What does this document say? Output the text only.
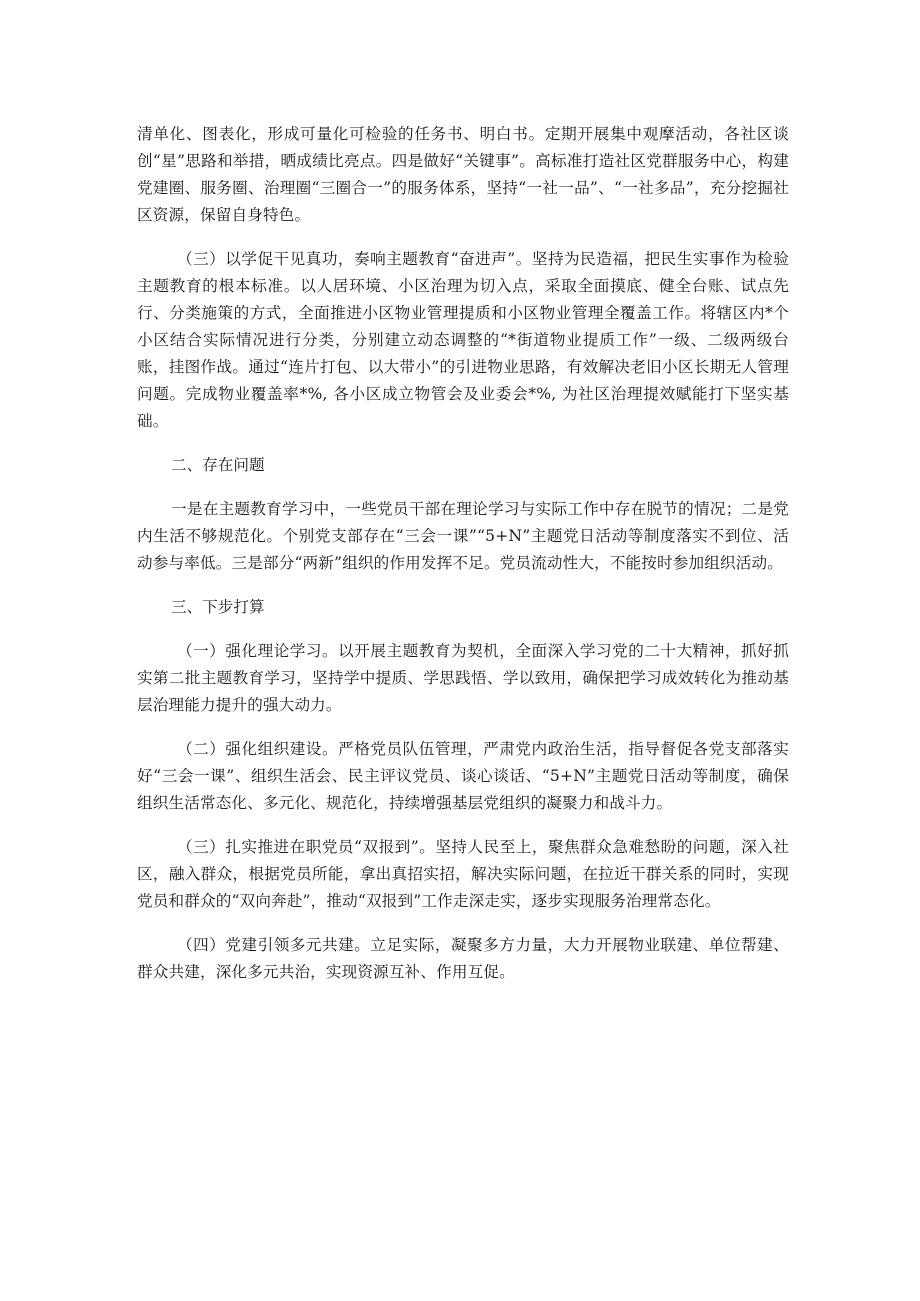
清单化、图表化，形成可量化可检验的任务书、明白书。定期开展集中观摩活动，各社区谈创“星”思路和举措，晒成绩比亮点。四是做好“关键事”。高标准打造社区党群服务中心，构建党建圈、服务圈、治理圈“三圈合一”的服务体系，坚持“一社一品”、“一社多品”，充分挖掘社区资源，保留自身特色。

（三）以学促干见真功，奏响主题教育“奋进声”。坚持为民造福，把民生实事作为检验主题教育的根本标准。以人居环境、小区治理为切入点，采取全面摸底、健全台账、试点先行、分类施策的方式，全面推进小区物业管理提质和小区物业管理全覆盖工作。将辖区内*个小区结合实际情况进行分类，分别建立动态调整的“*街道物业提质工作”一级、二级两级台账，挂图作战。通过“连片打包、以大带小”的引进物业思路，有效解决老旧小区长期无人管理问题。完成物业覆盖率*%, 各小区成立物管会及业委会*%, 为社区治理提效赋能打下坚实基础。

二、存在问题

一是在主题教育学习中，一些党员干部在理论学习与实际工作中存在脱节的情况；二是党内生活不够规范化。个别党支部存在“三会一课”“5+N”主题党日活动等制度落实不到位、活动参与率低。三是部分“两新”组织的作用发挥不足。党员流动性大，不能按时参加组织活动。

三、下步打算

（一）强化理论学习。以开展主题教育为契机，全面深入学习党的二十大精神，抓好抓实第二批主题教育学习，坚持学中提质、学思践悟、学以致用，确保把学习成效转化为推动基层治理能力提升的强大动力。

（二）强化组织建设。严格党员队伍管理，严肃党内政治生活，指导督促各党支部落实好“三会一课”、组织生活会、民主评议党员、谈心谈话、“5+N”主题党日活动等制度，确保组织生活常态化、多元化、规范化，持续增强基层党组织的凝聚力和战斗力。

（三）扎实推进在职党员“双报到”。坚持人民至上，聚焦群众急难愁盼的问题，深入社区，融入群众，根据党员所能，拿出真招实招，解决实际问题，在拉近干群关系的同时，实现党员和群众的“双向奔赴”，推动“双报到”工作走深走实，逐步实现服务治理常态化。

（四）党建引领多元共建。立足实际，凝聚多方力量，大力开展物业联建、单位帮建、群众共建，深化多元共治，实现资源互补、作用互促。
